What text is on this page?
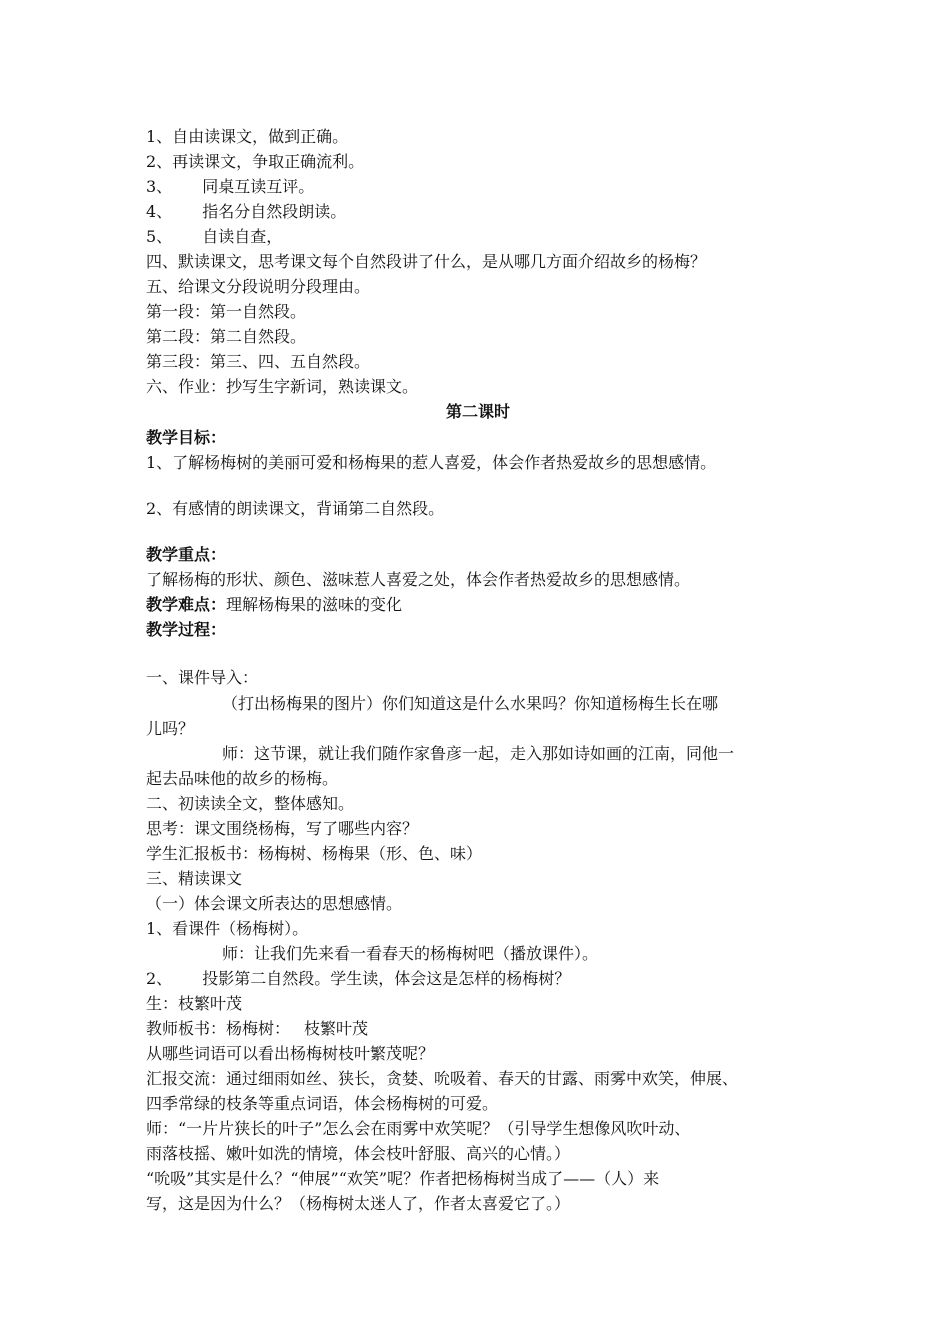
1、自由读课文，做到正确。
2、再读课文，争取正确流利。
3、 同桌互读互评。
4、 指名分自然段朗读。
5、 自读自查，
四、默读课文，思考课文每个自然段讲了什么，是从哪几方面介绍故乡的杨梅？
五、给课文分段说明分段理由。
第一段：第一自然段。
第二段：第二自然段。
第三段：第三、四、五自然段。
六、作业：抄写生字新词，熟读课文。
第二课时
教学目标：
1、了解杨梅树的美丽可爱和杨梅果的惹人喜爱，体会作者热爱故乡的思想感情。
2、有感情的朗读课文，背诵第二自然段。
教学重点：
了解杨梅的形状、颜色、滋味惹人喜爱之处，体会作者热爱故乡的思想感情。
教学难点：理解杨梅果的滋味的变化
教学过程：
一、课件导入：
（打出杨梅果的图片）你们知道这是什么水果吗？你知道杨梅生长在哪
儿吗？
师：这节课，就让我们随作家鲁彦一起，走入那如诗如画的江南，同他一
起去品味他的故乡的杨梅。
二、初读读全文，整体感知。
思考：课文围绕杨梅，写了哪些内容？
学生汇报板书：杨梅树、杨梅果（形、色、味）
三、精读课文
（一）体会课文所表达的思想感情。
1、看课件（杨梅树）。
师：让我们先来看一看春天的杨梅树吧（播放课件）。
2、 投影第二自然段。学生读，体会这是怎样的杨梅树？
生：枝繁叶茂
教师板书：杨梅树： 枝繁叶茂
从哪些词语可以看出杨梅树枝叶繁茂呢？
汇报交流：通过细雨如丝、狭长，贪婪、吮吸着、春天的甘露、雨雾中欢笑，伸展、
四季常绿的枝条等重点词语，体会杨梅树的可爱。
师：“一片片狭长的叶子”怎么会在雨雾中欢笑呢？（引导学生想像风吹叶动、
雨落枝摇、嫩叶如洗的情境，体会枝叶舒服、高兴的心情。）
“吮吸”其实是什么？“伸展”“欢笑”呢？作者把杨梅树当成了——（人）来
写，这是因为什么？（杨梅树太迷人了，作者太喜爱它了。）
